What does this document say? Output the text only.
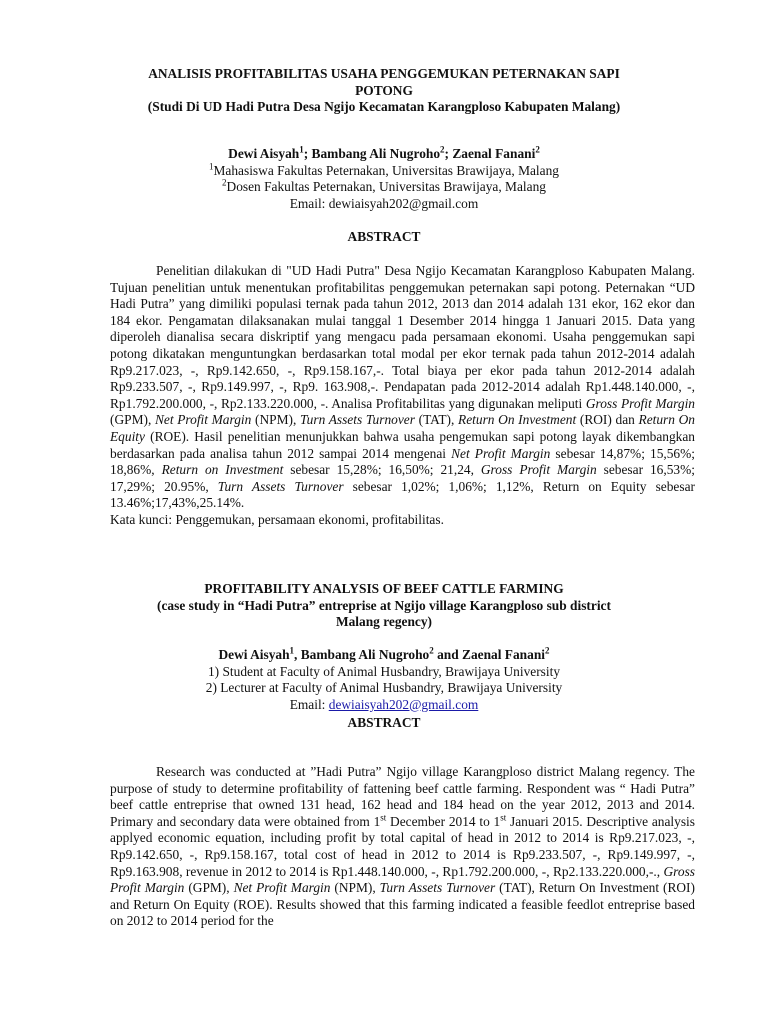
ANALISIS PROFITABILITAS USAHA PENGGEMUKAN PETERNAKAN SAPI
POTONG
(Studi Di UD Hadi Putra Desa Ngijo Kecamatan Karangploso Kabupaten Malang)
Dewi Aisyah$^1$; Bambang Ali Nugroho$^2$; Zaenal Fanani$^2$
$^1$Mahasiswa Fakultas Peternakan, Universitas Brawijaya, Malang
$^2$Dosen Fakultas Peternakan, Universitas Brawijaya, Malang
Email: dewiaisyah202@gmail.com
ABSTRACT

Penelitian dilakukan di "UD Hadi Putra" Desa Ngijo Kecamatan Karangploso Kabupaten Malang. Tujuan penelitian untuk menentukan profitabilitas penggemukan peternakan sapi potong. Peternakan “UD Hadi Putra” yang dimiliki populasi ternak pada tahun 2012, 2013 dan 2014 adalah 131 ekor, 162 ekor dan 184 ekor. Pengamatan dilaksanakan mulai tanggal 1 Desember 2014 hingga 1 Januari 2015. Data yang diperoleh dianalisa secara diskriptif yang mengacu pada persamaan ekonomi. Usaha penggemukan sapi potong dikatakan menguntungkan berdasarkan total modal per ekor ternak pada tahun 2012-2014 adalah Rp9.217.023, -, Rp9.142.650, -, Rp9.158.167,-. Total biaya per ekor pada tahun 2012-2014 adalah Rp9.233.507, -, Rp9.149.997, -, Rp9. 163.908,-. Pendapatan pada 2012-2014 adalah Rp1.448.140.000, -, Rp1.792.200.000, -, Rp2.133.220.000, -. Analisa Profitabilitas yang digunakan meliputi Gross Profit Margin (GPM), Net Profit Margin (NPM), Turn Assets Turnover (TAT), Return On Investment (ROI) dan Return On Equity (ROE). Hasil penelitian menunjukkan bahwa usaha pengemukan sapi potong layak dikembangkan berdasarkan pada analisa tahun 2012 sampai 2014 mengenai Net Profit Margin sebesar 14,87%; 15,56%; 18,86%, Return on Investment sebesar 15,28%; 16,50%; 21,24, Gross Profit Margin sebesar 16,53%; 17,29%; 20.95%, Turn Assets Turnover sebesar 1,02%; 1,06%; 1,12%, Return on Equity sebesar 13.46%;17,43%,25.14%.

Kata kunci: Penggemukan, persamaan ekonomi, profitabilitas.
PROFITABILITY ANALYSIS OF BEEF CATTLE FARMING
(case study in “Hadi Putra” entreprise at Ngijo village Karangploso sub district
Malang regency)
Dewi Aisyah$^1$, Bambang Ali Nugroho$^2$ and Zaenal Fanani$^2$
1) Student at Faculty of Animal Husbandry, Brawijaya University
2) Lecturer at Faculty of Animal Husbandry, Brawijaya University
Email: dewiaisyah202@gmail.com
ABSTRACT

Research was conducted at ”Hadi Putra” Ngijo village Karangploso district Malang regency. The purpose of study to determine profitability of fattening beef cattle farming. Respondent was “ Hadi Putra” beef cattle entreprise that owned 131 head, 162 head and 184 head on the year 2012, 2013 and 2014. Primary and secondary data were obtained from 1st December 2014 to 1st Januari 2015. Descriptive analysis applyed economic equation, including profit by total capital of head in 2012 to 2014 is Rp9.217.023, -, Rp9.142.650, -, Rp9.158.167, total cost of head in 2012 to 2014 is Rp9.233.507, -, Rp9.149.997, -, Rp9.163.908, revenue in 2012 to 2014 is Rp1.448.140.000, -, Rp1.792.200.000, -, Rp2.133.220.000,-., Gross Profit Margin (GPM), Net Profit Margin (NPM), Turn Assets Turnover (TAT), Return On Investment (ROI) and Return On Equity (ROE). Results showed that this farming indicated a feasible feedlot entreprise based on 2012 to 2014 period for the
